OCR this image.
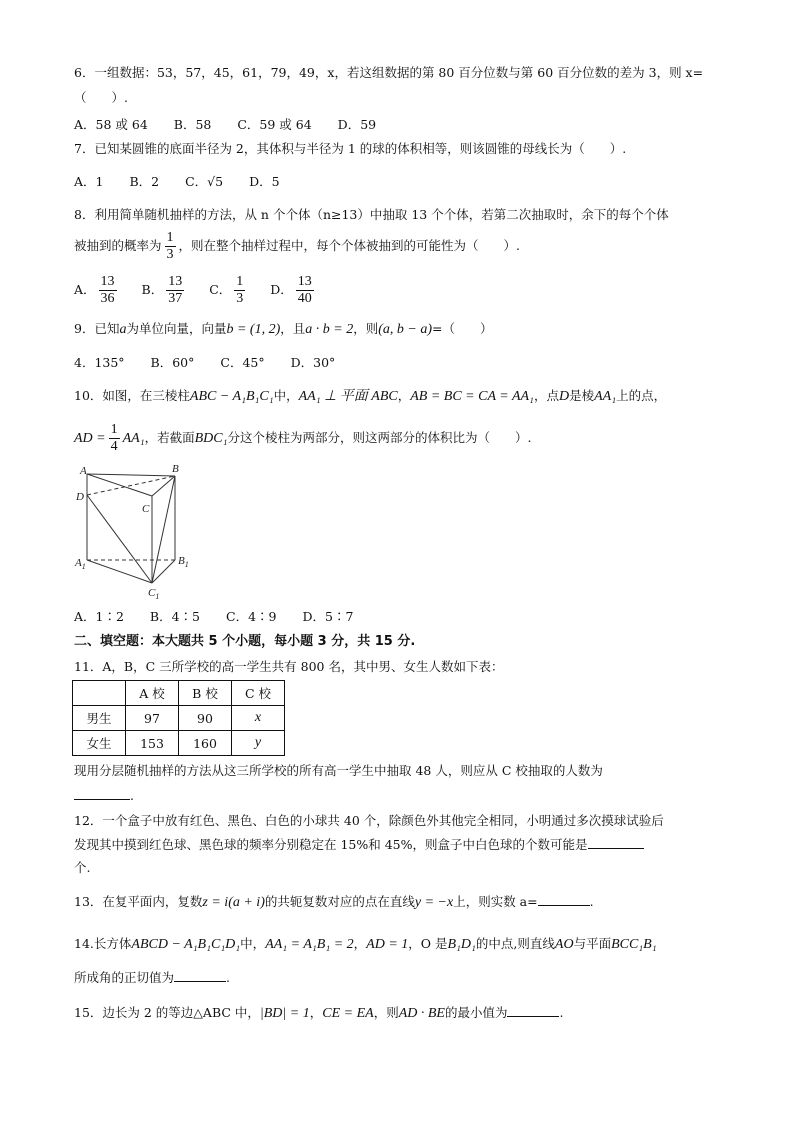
6．一组数据：53，57，45，61，79，49，x，若这组数据的第 80 百分位数与第 60 百分位数的差为 3，则 x=
（　　）.
A．58 或 64 B．58 C．59 或 64 D．59
7．已知某圆锥的底面半径为 2，其体积与半径为 1 的球的体积相等，则该圆锥的母线长为（　　）.
A．1 B．2 C．√5 D．5
8．利用简单随机抽样的方法，从 n 个个体（n≥13）中抽取 13 个个体，若第二次抽取时，余下的每个个体
被抽到的概率为 $\frac{1}{3}$ ，则在整个抽样过程中，每个个体被抽到的可能性为（　　）.
A． $\frac{13}{36}$ B． $\frac{13}{37}$ C． $\frac{1}{3}$ D． $\frac{13}{40}$
9．已知a为单位向量，向量b = (1, 2)，且a · b = 2，则(a, b − a)=（　　）
4．135° B．60° C．45° D．30°
10．如图，在三棱柱ABC − A₁B₁C₁中，AA₁ ⊥ 平面 ABC，AB = BC = CA = AA₁，点D是棱AA₁上的点，
AD = $\frac{1}{4} AA_1$，若截面BDC₁分这个棱柱为两部分，则这两部分的体积比为（　　）.
A	B
C
D
$A_1$	$B_1$
$C_1$
A．1∶2 B．4∶5 C．4∶9 D．5∶7
二、填空题：本大题共 5 个小题，每小题 3 分，共 15 分.
11．A，B，C 三所学校的高一学生共有 800 名，其中男、女生人数如下表：
	A 校	B 校	C 校
男生	97	90	x
女生	153	160	y
现用分层随机抽样的方法从这三所学校的所有高一学生中抽取 48 人，则应从 C 校抽取的人数为
.
12．一个盒子中放有红色、黑色、白色的小球共 40 个，除颜色外其他完全相同，小明通过多次摸球试验后
发现其中摸到红色球、黑色球的频率分别稳定在 15%和 45%，则盒子中白色球的个数可能是
个.
13．在复平面内，复数z = i(a + i)的共轭复数对应的点在直线y = −x上，则实数 a=	.
14.长方体ABCD − A₁B₁C₁D₁中，AA₁ = A₁B₁ = 2，AD = 1，O 是B₁D₁的中点,则直线AO与平面BCC₁B₁
所成角的正切值为	.
15．边长为 2 的等边△ABC 中，|BD| = 1，CE = EA，则AD · BE的最小值为	.
